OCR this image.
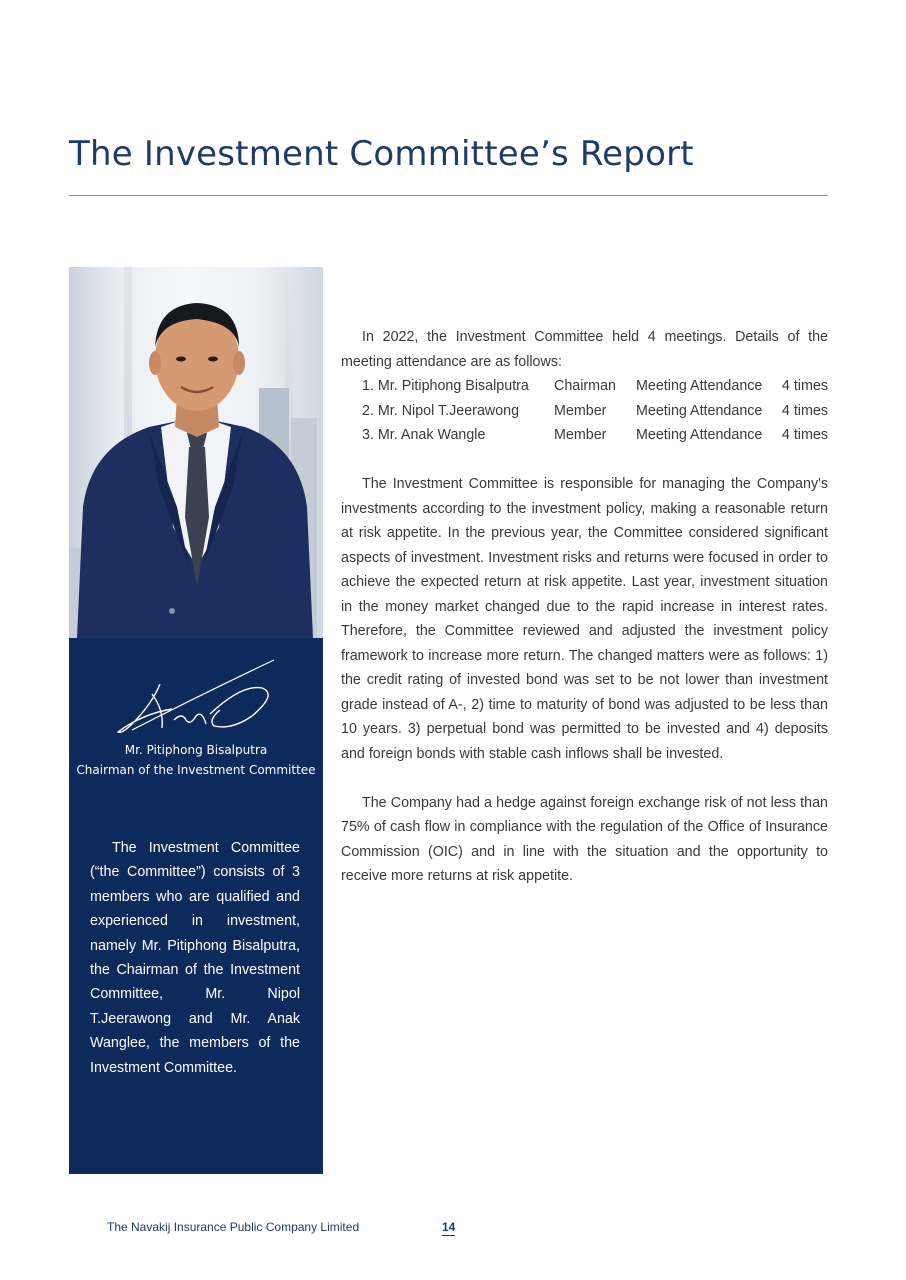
The Investment Committee’s Report
Mr. Pitiphong Bisalputra
Chairman of the Investment Committee

The Investment Committee (“the Committee”) consists of 3 members who are qualified and experienced in investment, namely Mr. Pitiphong Bisalputra, the Chairman of the Investment Committee, Mr. Nipol T.Jeerawong and Mr. Anak Wanglee, the members of the Investment Committee.

In 2022, the Investment Committee held 4 meetings. Details of the meeting attendance are as follows:

1. Mr. Pitiphong Bisalputra	Chairman	Meeting Attendance	4 times
2. Mr. Nipol T.Jeerawong	Member	Meeting Attendance	4 times
3. Mr. Anak Wangle	Member	Meeting Attendance	4 times

The Investment Committee is responsible for managing the Company's investments according to the investment policy, making a reasonable return at risk appetite. In the previous year, the Committee considered significant aspects of investment. Investment risks and returns were focused in order to achieve the expected return at risk appetite. Last year, investment situation in the money market changed due to the rapid increase in interest rates. Therefore, the Committee reviewed and adjusted the investment policy framework to increase more return. The changed matters were as follows: 1) the credit rating of invested bond was set to be not lower than investment grade instead of A-, 2) time to maturity of bond was adjusted to be less than 10 years. 3) perpetual bond was permitted to be invested and 4) deposits and foreign bonds with stable cash inflows shall be invested.

The Company had a hedge against foreign exchange risk of not less than 75% of cash flow in compliance with the regulation of the Office of Insurance Commission (OIC) and in line with the situation and the opportunity to receive more returns at risk appetite.

The Navakij Insurance Public Company Limited	14
